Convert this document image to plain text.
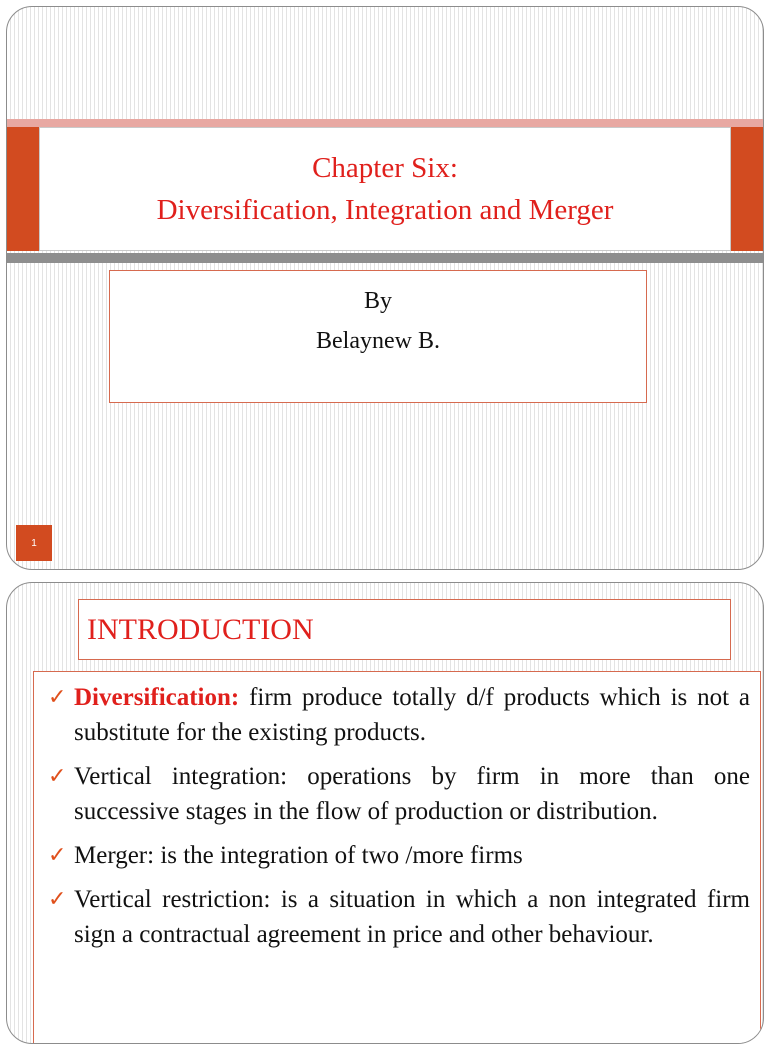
Chapter Six:
Diversification, Integration and Merger
By
Belaynew B.
1
INTRODUCTION
✓ Diversification: firm produce totally d/f products which is not a substitute for the existing products.
✓ Vertical integration: operations by firm in more than one successive stages in the flow of production or distribution.
✓ Merger: is the integration of two /more firms
✓ Vertical restriction: is a situation in which a non integrated firm sign a contractual agreement in price and other behaviour.
